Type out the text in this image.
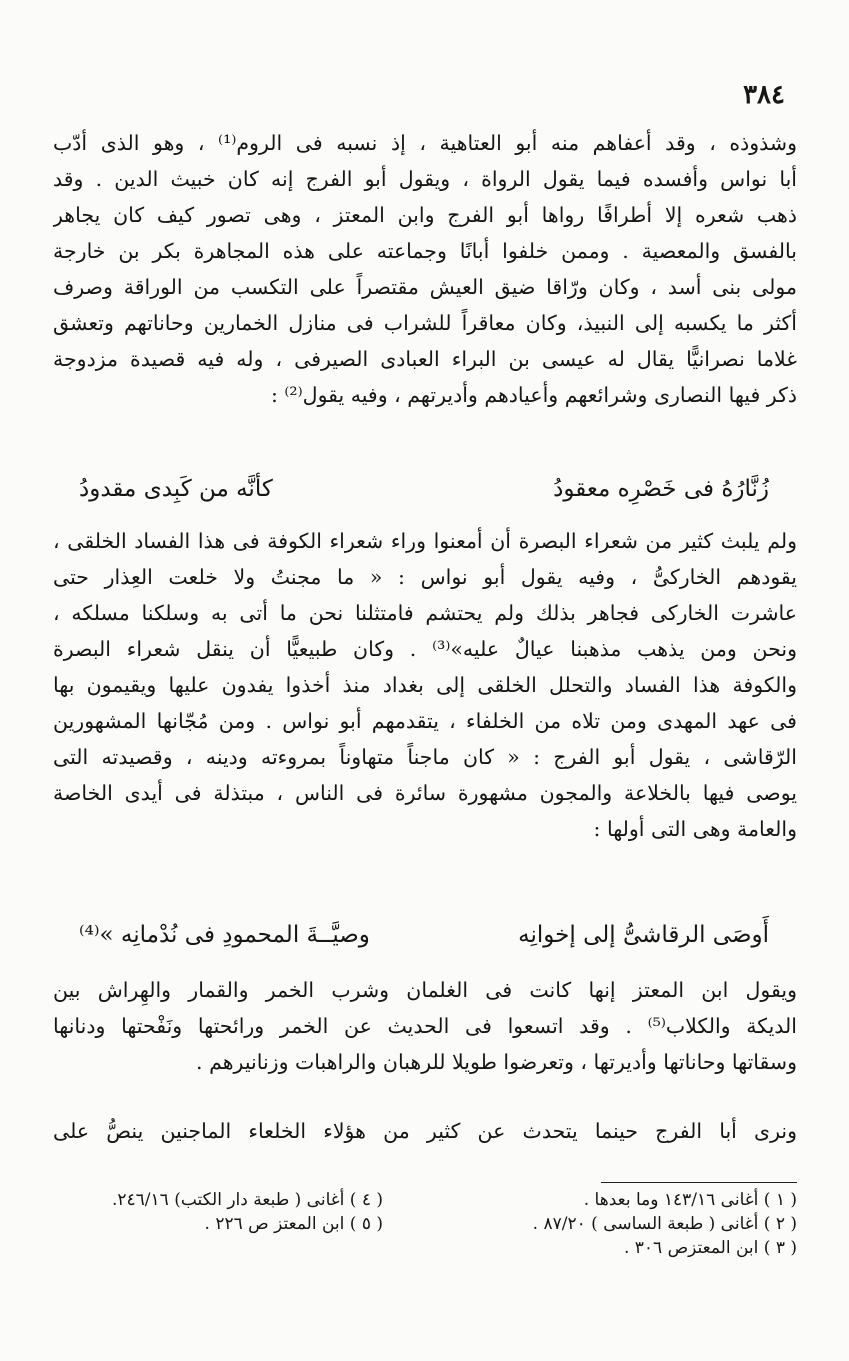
٣٨٤
وشذوذه ، وقد أعفاهم منه أبو العتاهية ، إذ نسبه فى الروم⁽¹⁾ ، وهو الذى أدّب
أبا نواس وأفسده فيما يقول الرواة ، ويقول أبو الفرج إنه كان خبيث الدين . وقد
ذهب شعره إلا أطرافًا رواها أبو الفرج وابن المعتز ، وهى تصور كيف كان يجاهر
بالفسق والمعصية . وممن خلفوا أبانًا وجماعته على هذه المجاهرة بكر بن خارجة
مولى بنى أسد ، وكان ورّاقا ضيق العيش مقتصراً على التكسب من الوراقة وصرف
أكثر ما يكسبه إلى النبيذ، وكان معاقراً للشراب فى منازل الخمارين وحاناتهم وتعشق
غلاما نصرانيًّا يقال له عيسى بن البراء العبادى الصيرفى ، وله فيه قصيدة مزدوجة
ذكر فيها النصارى وشرائعهم وأعيادهم وأديرتهم ، وفيه يقول⁽²⁾ :
زُنَّارُهُ فى خَصْرِه معقودُ
كأنَّه من كَبِدى مقدودُ
ولم يلبث كثير من شعراء البصرة أن أمعنوا وراء شعراء الكوفة فى هذا الفساد الخلقى ،
يقودهم الخاركىُّ ، وفيه يقول أبو نواس : « ما مجنتُ ولا خلعت العِذار حتى
عاشرت الخاركى فجاهر بذلك ولم يحتشم فامتثلنا نحن ما أتى به وسلكنا مسلكه ،
ونحن ومن يذهب مذهبنا عيالٌ عليه»⁽³⁾ . وكان طبيعيًّا أن ينقل شعراء البصرة
والكوفة هذا الفساد والتحلل الخلقى إلى بغداد منذ أخذوا يفدون عليها ويقيمون بها
فى عهد المهدى ومن تلاه من الخلفاء ، يتقدمهم أبو نواس . ومن مُجّانها المشهورين
الرّقاشى ، يقول أبو الفرج : « كان ماجناً متهاوناً بمروءته ودينه ، وقصيدته التى
يوصى فيها بالخلاعة والمجون مشهورة سائرة فى الناس ، مبتذلة فى أيدى الخاصة
والعامة وهى التى أولها :
أَوصَى الرقاشىُّ إلى إخوانِه
وصيَّــةَ المحمودِ فى نُدْمانِه »⁽⁴⁾
ويقول ابن المعتز إنها كانت فى الغلمان وشرب الخمر والقمار والهِراش بين
الديكة والكلاب⁽⁵⁾ . وقد اتسعوا فى الحديث عن الخمر ورائحتها ونَفْحتها ودنانها
وسقاتها وحاناتها وأديرتها ، وتعرضوا طويلا للرهبان والراهبات وزنانيرهم .
ونرى أبا الفرج حينما يتحدث عن كثير من هؤلاء الخلعاء الماجنين ينصُّ على
( ١ ) أغانى ١٤٣/١٦ وما بعدها .
( ٢ ) أغانى ( طبعة الساسى ) ٨٧/٢٠ .
( ٣ ) ابن المعتزص ٣٠٦ .
( ٤ ) أغانى ( طبعة دار الكتب) ٢٤٦/١٦.
( ٥ ) ابن المعتز ص ٢٢٦ .
